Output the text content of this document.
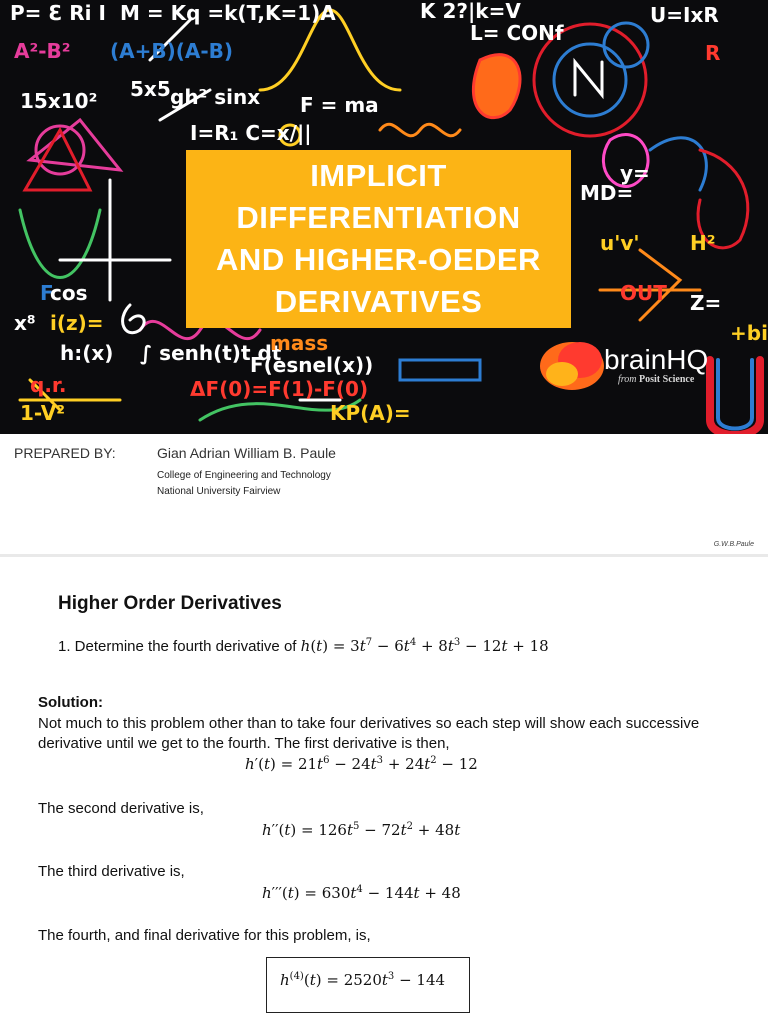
P= Ɛ Ri I M = Kq =k(T,K=1)A	K 2?|k=V
L= CONf
U=IxR
A²-B² (A+B)(A-B)
5x5 gh² sinx
15x10²
I=R₁ C=x/||
F = ma
F
cos
x⁸ i(z)=
h:(x) ∫ senh(t)t dt
F(esnel(x))
q.r.	ΔF(0)=F(1)-F(0)
KP(A)=
1-V²
mass
u'v'	H²
Z=
+bi
y=
MD=
OUT
R
IMPLICIT
DIFFERENTIATION
AND HIGHER-OEDER
DERIVATIVES
brainHQ
from Posit Science
PREPARED BY:	Gian Adrian William B. Paule
College of Engineering and Technology
National University Fairview
G.W.B.Paule
Higher Order Derivatives
1. Determine the fourth derivative of $h(t) = 3t^7 - 6t^4 + 8t^3 - 12t + 18$
Solution:
Not much to this problem other than to take four derivatives so each step will show each successive derivative until we get to the fourth. The first derivative is then,
$h'(t) = 21t^6 - 24t^3 + 24t^2 - 12$
The second derivative is,
$h''(t) = 126t^5 - 72t^2 + 48t$
The third derivative is,
$h'''(t) = 630t^4 - 144t + 48$
The fourth, and final derivative for this problem, is,
$h^{(4)}(t) = 2520t^3 - 144$
